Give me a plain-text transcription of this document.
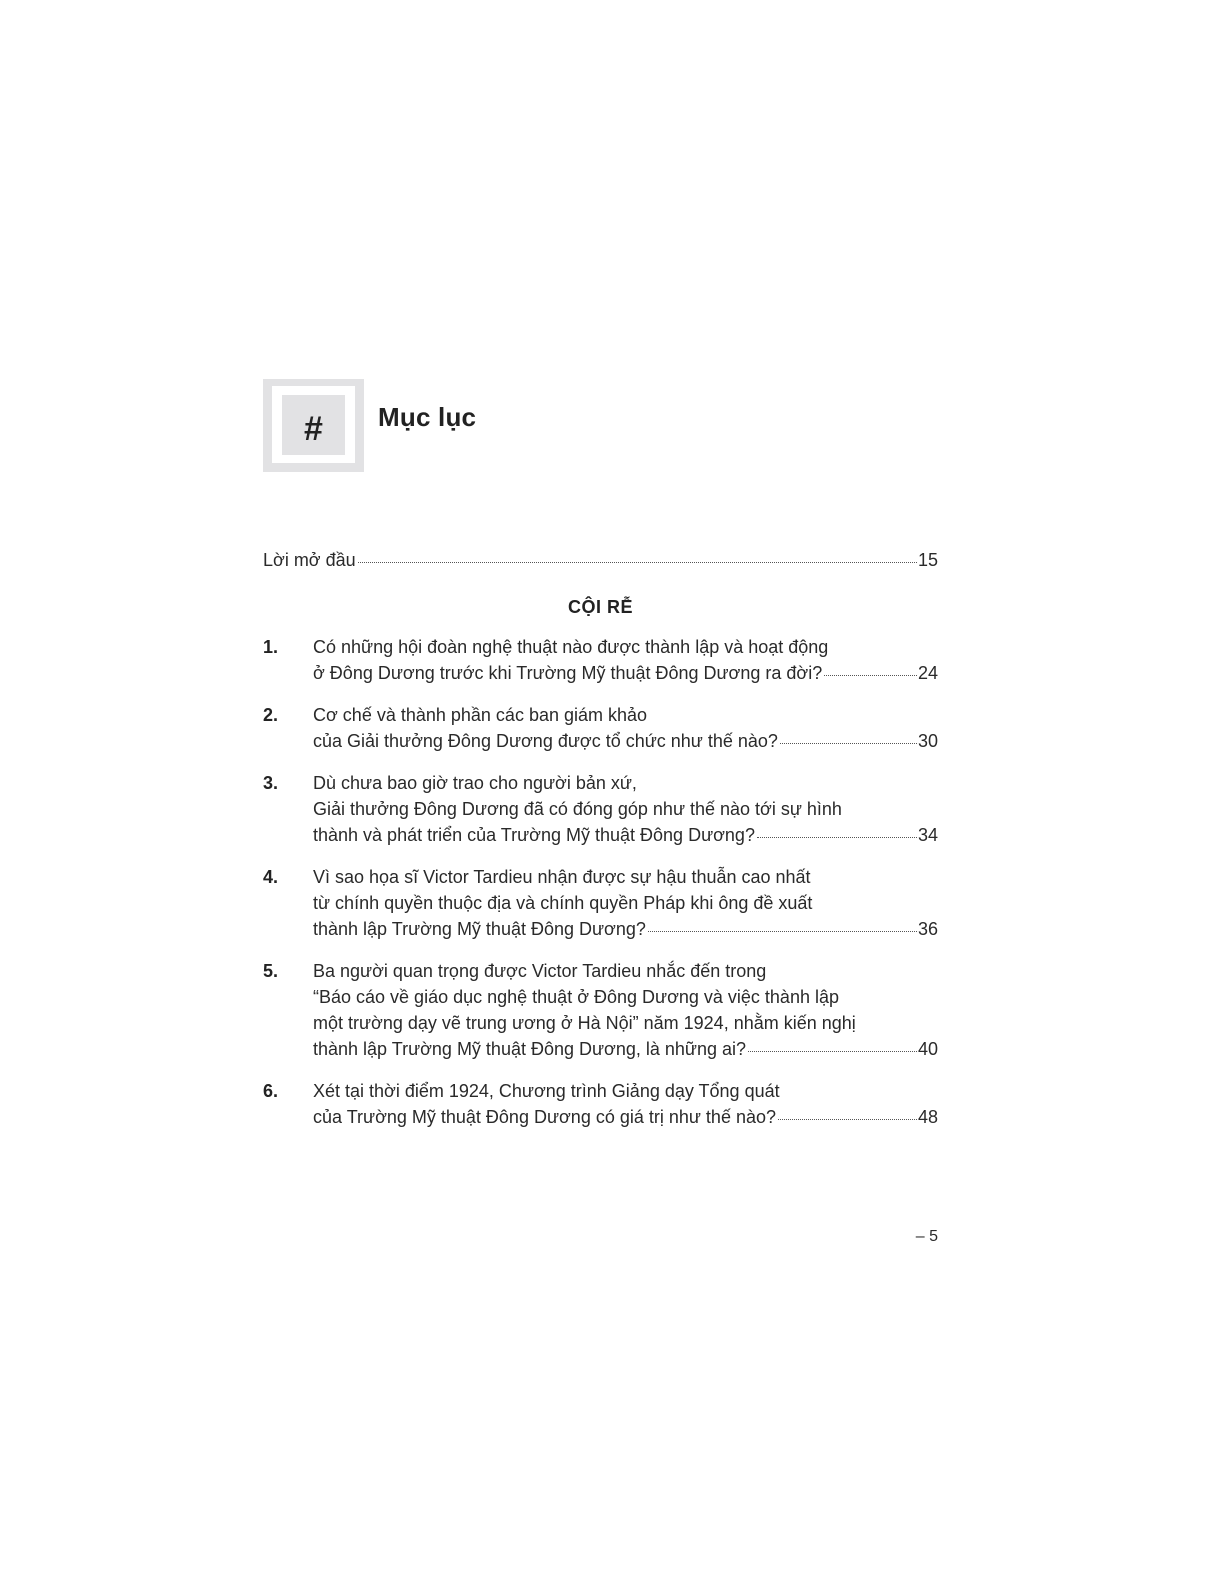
# Mục lục
Lời mở đầu	15
CỘI RỄ
1.	Có những hội đoàn nghệ thuật nào được thành lập và hoạt động
ở Đông Dương trước khi Trường Mỹ thuật Đông Dương ra đời?	24
2.	Cơ chế và thành phần các ban giám khảo
của Giải thưởng Đông Dương được tổ chức như thế nào?	30
3.	Dù chưa bao giờ trao cho người bản xứ,
Giải thưởng Đông Dương đã có đóng góp như thế nào tới sự hình
thành và phát triển của Trường Mỹ thuật Đông Dương?	34
4.	Vì sao họa sĩ Victor Tardieu nhận được sự hậu thuẫn cao nhất
từ chính quyền thuộc địa và chính quyền Pháp khi ông đề xuất
thành lập Trường Mỹ thuật Đông Dương?	36
5.	Ba người quan trọng được Victor Tardieu nhắc đến trong
“Báo cáo về giáo dục nghệ thuật ở Đông Dương và việc thành lập
một trường dạy vẽ trung ương ở Hà Nội” năm 1924, nhằm kiến nghị
thành lập Trường Mỹ thuật Đông Dương, là những ai?	40
6.	Xét tại thời điểm 1924, Chương trình Giảng dạy Tổng quát
của Trường Mỹ thuật Đông Dương có giá trị như thế nào?	48
– 5
